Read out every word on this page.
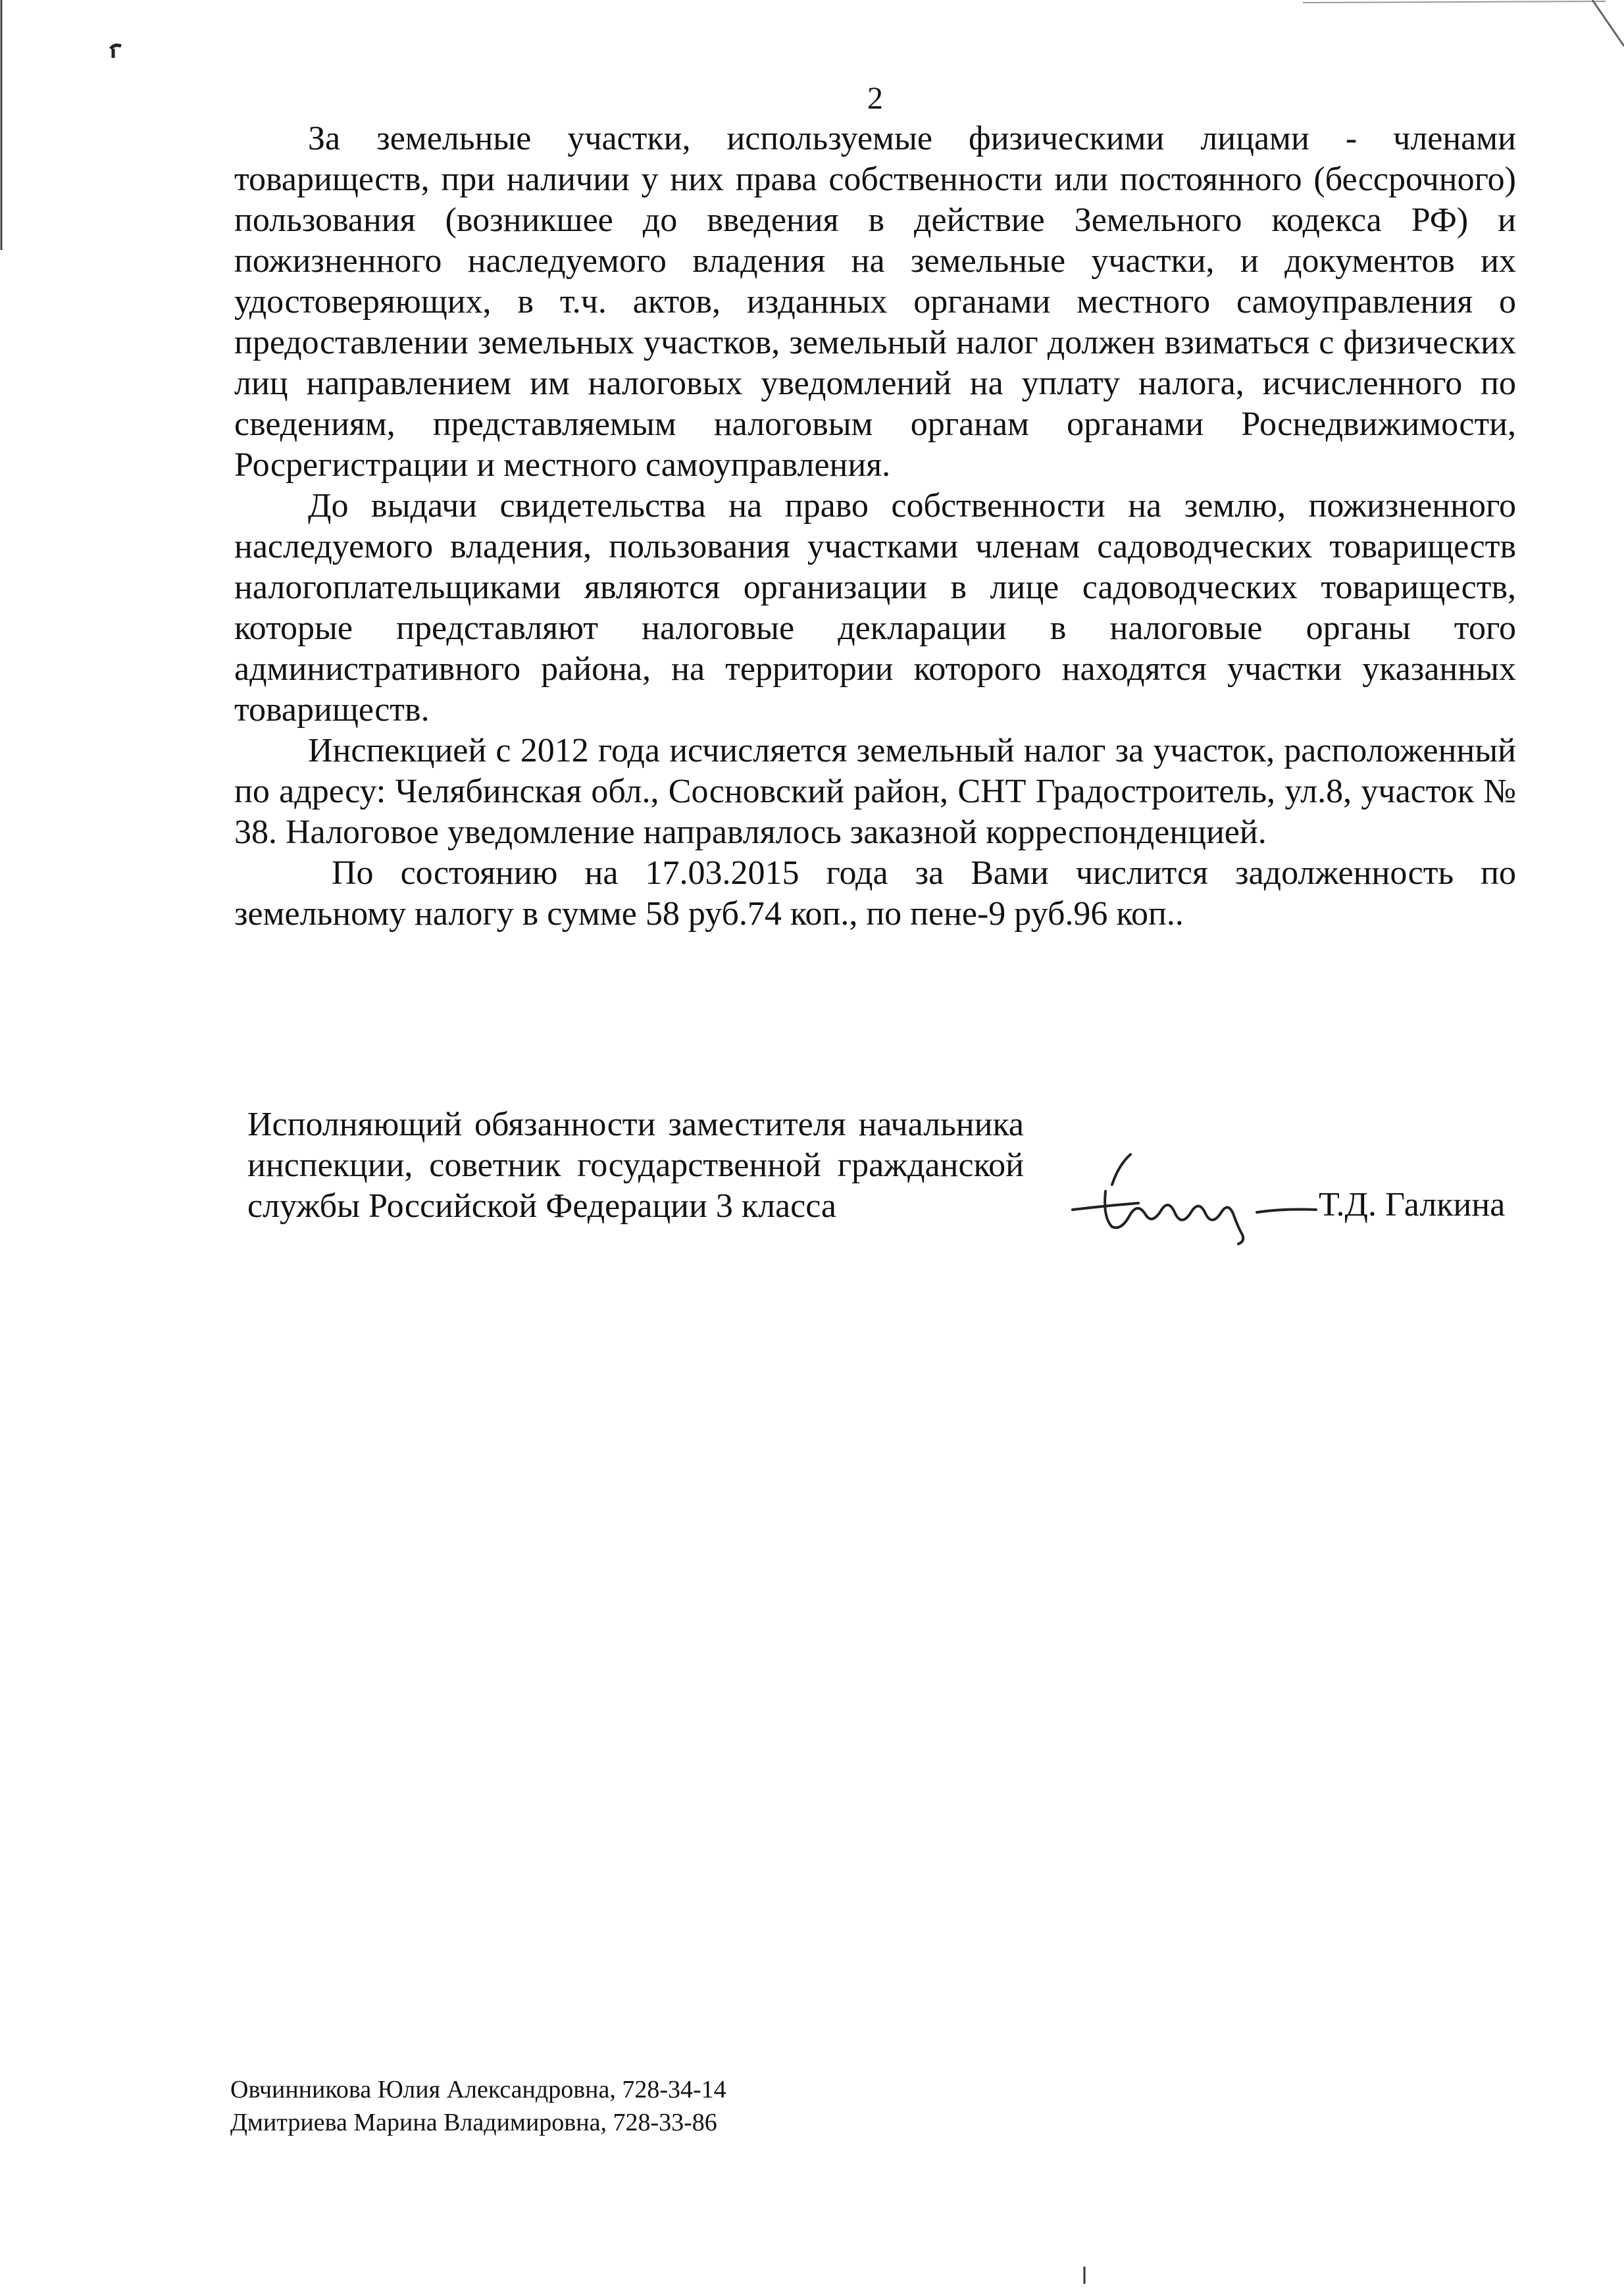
2

За земельные участки, используемые физическими лицами - членами товариществ, при наличии у них права собственности или постоянного (бессрочного) пользования (возникшее до введения в действие Земельного кодекса РФ) и пожизненного наследуемого владения на земельные участки, и документов их удостоверяющих, в т.ч. актов, изданных органами местного самоуправления о предоставлении земельных участков, земельный налог должен взиматься с физических лиц направлением им налоговых уведомлений на уплату налога, исчисленного по сведениям, представляемым налоговым органам органами Роснедвижимости, Росрегистрации и местного самоуправления.

До выдачи свидетельства на право собственности на землю, пожизненного наследуемого владения, пользования участками членам садоводческих товариществ налогоплательщиками являются организации в лице садоводческих товариществ, которые представляют налоговые декларации в налоговые органы того административного района, на территории которого находятся участки указанных товариществ.

Инспекцией с 2012 года исчисляется земельный налог за участок, расположенный по адресу: Челябинская обл., Сосновский район, СНТ Градостроитель, ул.8, участок № 38. Налоговое уведомление направлялось заказной корреспонденцией.

По состоянию на 17.03.2015 года за Вами числится задолженность по земельному налогу в сумме 58 руб.74 коп., по пене-9 руб.96 коп..

Исполняющий обязанности заместителя начальника инспекции, советник государственной гражданской службы Российской Федерации 3 класса	Т.Д. Галкина
Овчинникова Юлия Александровна, 728-34-14
Дмитриева Марина Владимировна, 728-33-86
